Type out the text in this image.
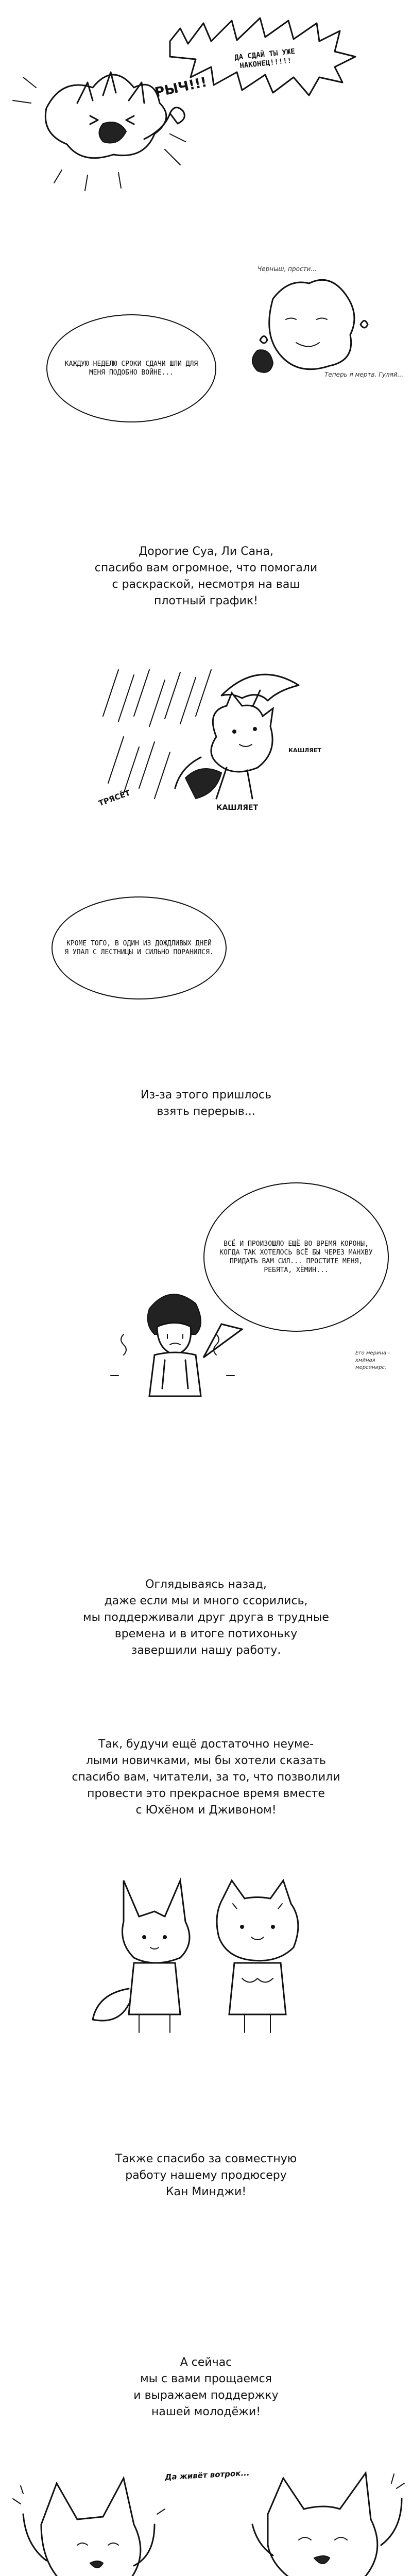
ДА СДАЙ ТЫ УЖЕ НАКОНЕЦ!!!!!
РЫЧ!!!
КАЖДУЮ НЕДЕЛЮ СРОКИ СДАЧИ ШЛИ ДЛЯ МЕНЯ ПОДОБНО ВОЙНЕ...
Черныш, прости...
Теперь я мертв. Гуляй...
Дорогие Суа, Ли Сана,
спасибо вам огромное, что помогали
с раскраской, несмотря на ваш
плотный график!
ТРЯСЁТ	КАШЛЯЕТ
КАШЛЯЕТ
КРОМЕ ТОГО, В ОДИН ИЗ ДОЖДЛИВЫХ ДНЕЙ Я УПАЛ С ЛЕСТНИЦЫ И СИЛЬНО ПОРАНИЛСЯ.
Из-за этого пришлось
взять перерыв...
ВСЁ И ПРОИЗОШЛО ЕЩЁ ВО ВРЕМЯ КОРОНЫ, КОГДА ТАК ХОТЕЛОСЬ ВСЁ БЫ ЧЕРЕЗ МАНХВУ ПРИДАТЬ ВАМ СИЛ... ПРОСТИТЕ МЕНЯ, РЕБЯТА, ХЁМИН...
Его мерина - хмйная мерсинирс.
Оглядываясь назад,
даже если мы и много ссорились,
мы поддерживали друг друга в трудные
времена и в итоге потихоньку
завершили нашу работу.
Так, будучи ещё достаточно неуме-
лыми новичками, мы бы хотели сказать
спасибо вам, читатели, за то, что позволили
провести это прекрасное время вместе
с Юхёном и Дживоном!
Также спасибо за совместную
работу нашему продюсеру
Кан Минджи!
А сейчас
мы с вами прощаемся
и выражаем поддержку
нашей молодёжи!
Да живёт вотрок...
